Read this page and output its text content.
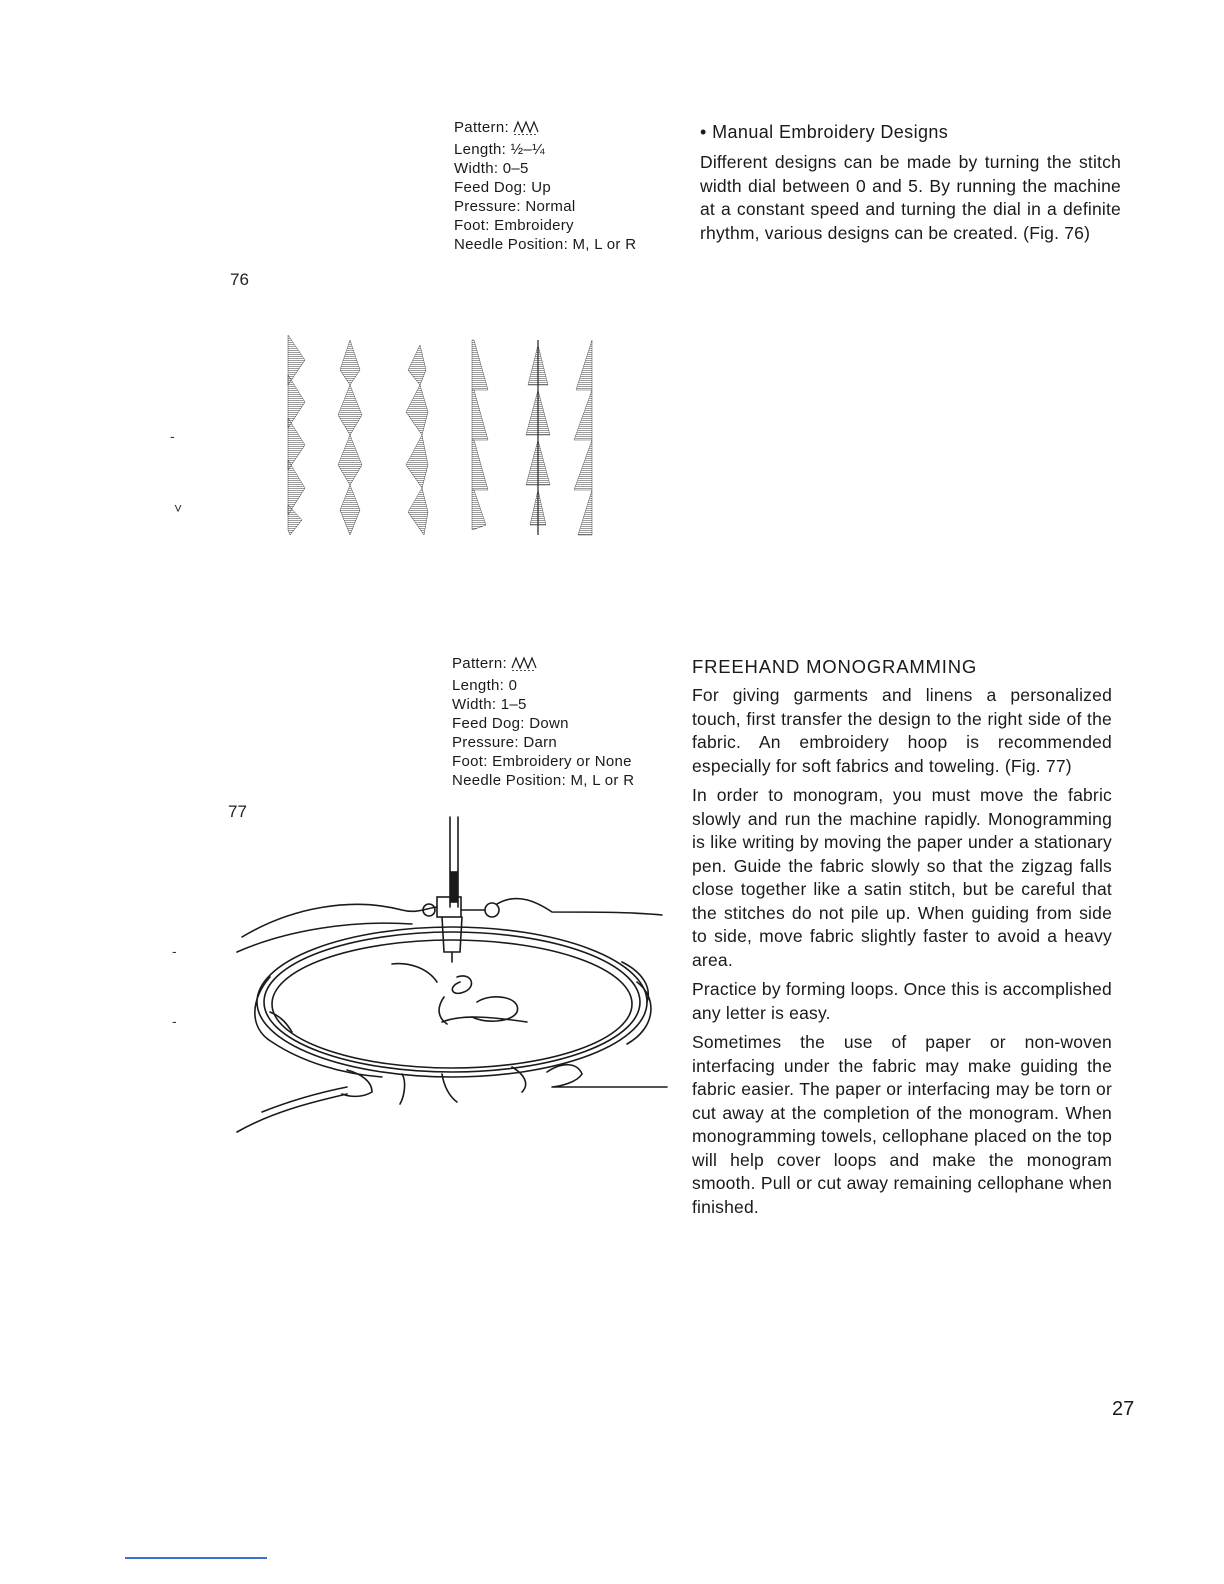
Pattern:
Length: ½–¼
Width: 0–5
Feed Dog: Up
Pressure: Normal
Foot: Embroidery
Needle Position: M, L or R
• Manual Embroidery Designs

Different designs can be made by turning the stitch width dial between 0 and 5. By running the machine at a constant speed and turning the dial in a definite rhythm, various designs can be created. (Fig. 76)

76
-
˅
Pattern:
Length: 0
Width: 1–5
Feed Dog: Down
Pressure: Darn
Foot: Embroidery or None
Needle Position: M, L or R
FREEHAND MONOGRAMMING

For giving garments and linens a personalized touch, first transfer the design to the right side of the fabric. An embroidery hoop is recommended especially for soft fabrics and toweling. (Fig. 77)

In order to monogram, you must move the fabric slowly and run the machine rapidly. Monogramming is like writing by moving the paper under a stationary pen. Guide the fabric slowly so that the zigzag falls close together like a satin stitch, but be careful that the stitches do not pile up. When guiding from side to side, move fabric slightly faster to avoid a heavy area.

Practice by forming loops. Once this is accomplished any letter is easy.

Sometimes the use of paper or non-woven interfacing under the fabric may make guiding the fabric easier. The paper or interfacing may be torn or cut away at the completion of the monogram. When monogramming towels, cellophane placed on the top will help cover loops and make the monogram smooth. Pull or cut away remaining cellophane when finished.

77
-
-
27
